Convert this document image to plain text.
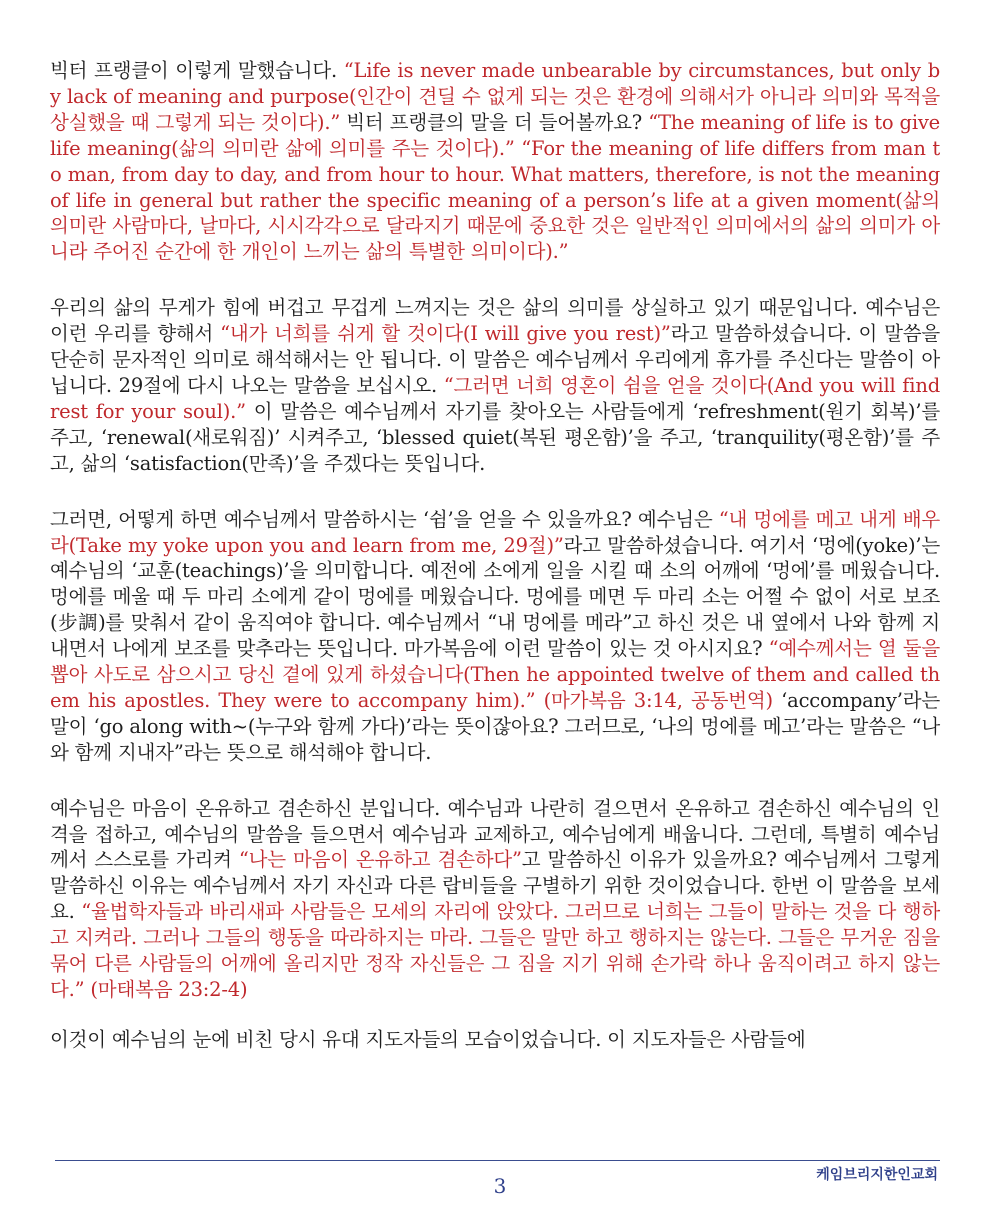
빅터 프랭클이 이렇게 말했습니다. “Life is never made unbearable by circumstances, but only by lack of meaning and purpose(인간이 견딜 수 없게 되는 것은 환경에 의해서가 아니라 의미와 목적을 상실했을 때 그렇게 되는 것이다).” 빅터 프랭클의 말을 더 들어볼까요? “The meaning of life is to give life meaning(삶의 의미란 삶에 의미를 주는 것이다).” “For the meaning of life differs from man to man, from day to day, and from hour to hour. What matters, therefore, is not the meaning of life in general but rather the specific meaning of a person’s life at a given moment(삶의 의미란 사람마다, 날마다, 시시각각으로 달라지기 때문에 중요한 것은 일반적인 의미에서의 삶의 의미가 아니라 주어진 순간에 한 개인이 느끼는 삶의 특별한 의미이다).”

우리의 삶의 무게가 힘에 버겁고 무겁게 느껴지는 것은 삶의 의미를 상실하고 있기 때문입니다. 예수님은 이런 우리를 향해서 “내가 너희를 쉬게 할 것이다(I will give you rest)”라고 말씀하셨습니다. 이 말씀을 단순히 문자적인 의미로 해석해서는 안 됩니다. 이 말씀은 예수님께서 우리에게 휴가를 주신다는 말씀이 아닙니다. 29절에 다시 나오는 말씀을 보십시오. “그러면 너희 영혼이 쉼을 얻을 것이다(And you will find rest for your soul).” 이 말씀은 예수님께서 자기를 찾아오는 사람들에게 ‘refreshment(원기 회복)’를 주고, ‘renewal(새로워짐)’ 시켜주고, ‘blessed quiet(복된 평온함)’을 주고, ‘tranquility(평온함)’를 주고, 삶의 ‘satisfaction(만족)’을 주겠다는 뜻입니다.

그러면, 어떻게 하면 예수님께서 말씀하시는 ‘쉼’을 얻을 수 있을까요? 예수님은 “내 멍에를 메고 내게 배우라(Take my yoke upon you and learn from me, 29절)”라고 말씀하셨습니다. 여기서 ‘멍에(yoke)’는 예수님의 ‘교훈(teachings)’을 의미합니다. 예전에 소에게 일을 시킬 때 소의 어깨에 ‘멍에’를 메웠습니다. 멍에를 메울 때 두 마리 소에게 같이 멍에를 메웠습니다. 멍에를 메면 두 마리 소는 어쩔 수 없이 서로 보조(步調)를 맞춰서 같이 움직여야 합니다. 예수님께서 “내 멍에를 메라”고 하신 것은 내 옆에서 나와 함께 지내면서 나에게 보조를 맞추라는 뜻입니다. 마가복음에 이런 말씀이 있는 것 아시지요? “예수께서는 열 둘을 뽑아 사도로 삼으시고 당신 곁에 있게 하셨습니다(Then he appointed twelve of them and called them his apostles. They were to accompany him).” (마가복음 3:14, 공동번역) ‘accompany’라는 말이 ‘go along with~(누구와 함께 가다)’라는 뜻이잖아요? 그러므로, ‘나의 멍에를 메고’라는 말씀은 “나와 함께 지내자”라는 뜻으로 해석해야 합니다.

예수님은 마음이 온유하고 겸손하신 분입니다. 예수님과 나란히 걸으면서 온유하고 겸손하신 예수님의 인격을 접하고, 예수님의 말씀을 들으면서 예수님과 교제하고, 예수님에게 배웁니다. 그런데, 특별히 예수님께서 스스로를 가리켜 “나는 마음이 온유하고 겸손하다”고 말씀하신 이유가 있을까요? 예수님께서 그렇게 말씀하신 이유는 예수님께서 자기 자신과 다른 랍비들을 구별하기 위한 것이었습니다. 한번 이 말씀을 보세요. “율법학자들과 바리새파 사람들은 모세의 자리에 앉았다. 그러므로 너희는 그들이 말하는 것을 다 행하고 지켜라. 그러나 그들의 행동을 따라하지는 마라. 그들은 말만 하고 행하지는 않는다. 그들은 무거운 짐을 묶어 다른 사람들의 어깨에 올리지만 정작 자신들은 그 짐을 지기 위해 손가락 하나 움직이려고 하지 않는다.” (마태복음 23:2-4)

이것이 예수님의 눈에 비친 당시 유대 지도자들의 모습이었습니다. 이 지도자들은 사람들에

케임브리지한인교회
3
